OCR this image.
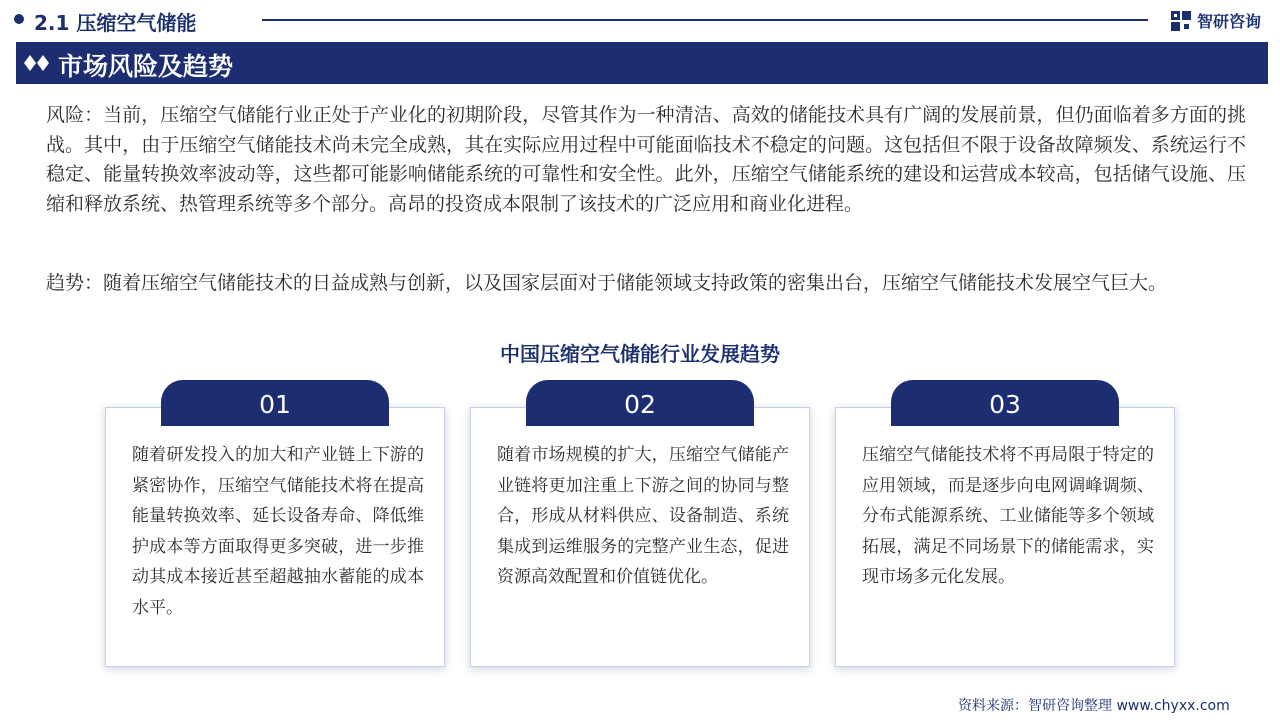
2.1 压缩空气储能	智研咨询
市场风险及趋势

风险：当前，压缩空气储能行业正处于产业化的初期阶段，尽管其作为一种清洁、高效的储能技术具有广阔的发展前景，但仍面临着多方面的挑战。其中，由于压缩空气储能技术尚未完全成熟，其在实际应用过程中可能面临技术不稳定的问题。这包括但不限于设备故障频发、系统运行不稳定、能量转换效率波动等，这些都可能影响储能系统的可靠性和安全性。此外，压缩空气储能系统的建设和运营成本较高，包括储气设施、压缩和释放系统、热管理系统等多个部分。高昂的投资成本限制了该技术的广泛应用和商业化进程。

趋势：随着压缩空气储能技术的日益成熟与创新，以及国家层面对于储能领域支持政策的密集出台，压缩空气储能技术发展空气巨大。

中国压缩空气储能行业发展趋势

随着研发投入的加大和产业链上下游的紧密协作，压缩空气储能技术将在提高能量转换效率、延长设备寿命、降低维护成本等方面取得更多突破，进一步推动其成本接近甚至超越抽水蓄能的成本水平。

01

随着市场规模的扩大，压缩空气储能产业链将更加注重上下游之间的协同与整合，形成从材料供应、设备制造、系统集成到运维服务的完整产业生态，促进资源高效配置和价值链优化。

02

压缩空气储能技术将不再局限于特定的应用领域，而是逐步向电网调峰调频、分布式能源系统、工业储能等多个领域拓展，满足不同场景下的储能需求，实现市场多元化发展。

03
资料来源：智研咨询整理 www.chyxx.com
